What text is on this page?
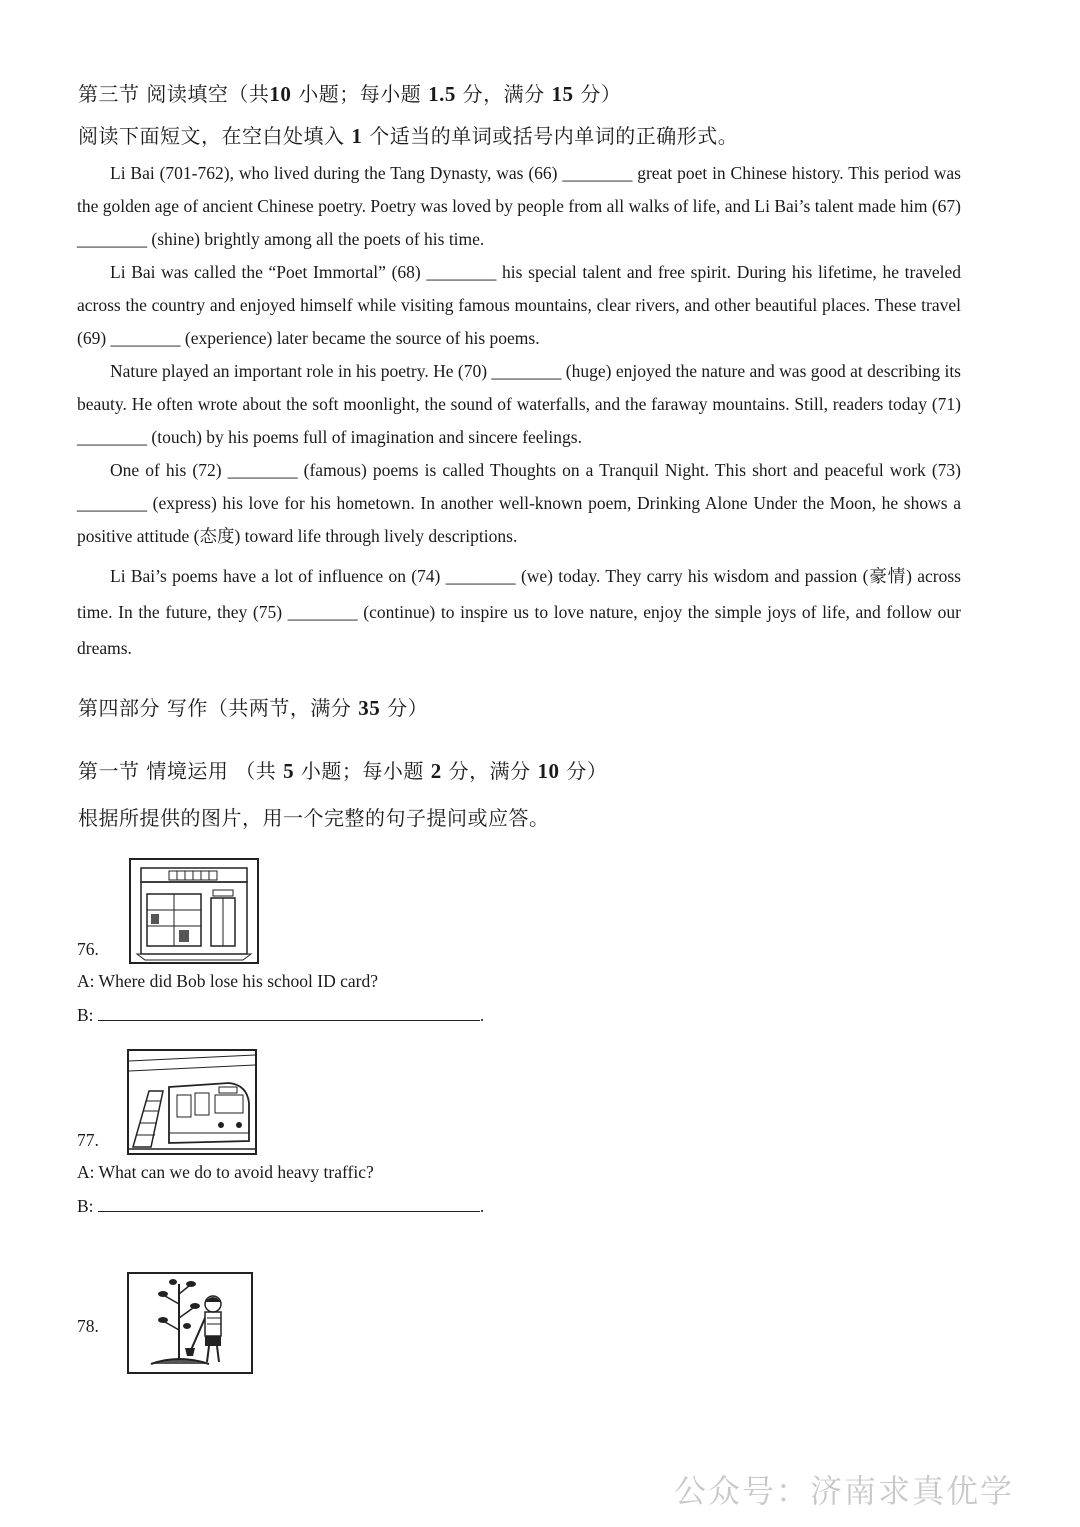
第三节 阅读填空（共10 小题；每小题 1.5 分，满分 15 分）
阅读下面短文，在空白处填入 1 个适当的单词或括号内单词的正确形式。
Li Bai (701-762), who lived during the Tang Dynasty, was (66) ________ great poet in Chinese history. This period was the golden age of ancient Chinese poetry. Poetry was loved by people from all walks of life, and Li Bai’s talent made him (67) ________ (shine) brightly among all the poets of his time.
Li Bai was called the “Poet Immortal” (68) ________ his special talent and free spirit. During his lifetime, he traveled across the country and enjoyed himself while visiting famous mountains, clear rivers, and other beautiful places. These travel (69) ________ (experience) later became the source of his poems.
Nature played an important role in his poetry. He (70) ________ (huge) enjoyed the nature and was good at describing its beauty. He often wrote about the soft moonlight, the sound of waterfalls, and the faraway mountains. Still, readers today (71) ________ (touch) by his poems full of imagination and sincere feelings.
One of his (72) ________ (famous) poems is called Thoughts on a Tranquil Night. This short and peaceful work (73) ________ (express) his love for his hometown. In another well-known poem, Drinking Alone Under the Moon, he shows a positive attitude (态度) toward life through lively descriptions.
Li Bai’s poems have a lot of influence on (74) ________ (we) today. They carry his wisdom and passion (豪情) across time. In the future, they (75) ________ (continue) to inspire us to love nature, enjoy the simple joys of life, and follow our dreams.
第四部分 写作（共两节，满分 35 分）
第一节 情境运用 （共 5 小题；每小题 2 分，满分 10 分）
根据所提供的图片，用一个完整的句子提问或应答。
76.
A: Where did Bob lose his school ID card?
B:	.
77.
A: What can we do to avoid heavy traffic?
B:	.
78.
公众号：济南求真优学
